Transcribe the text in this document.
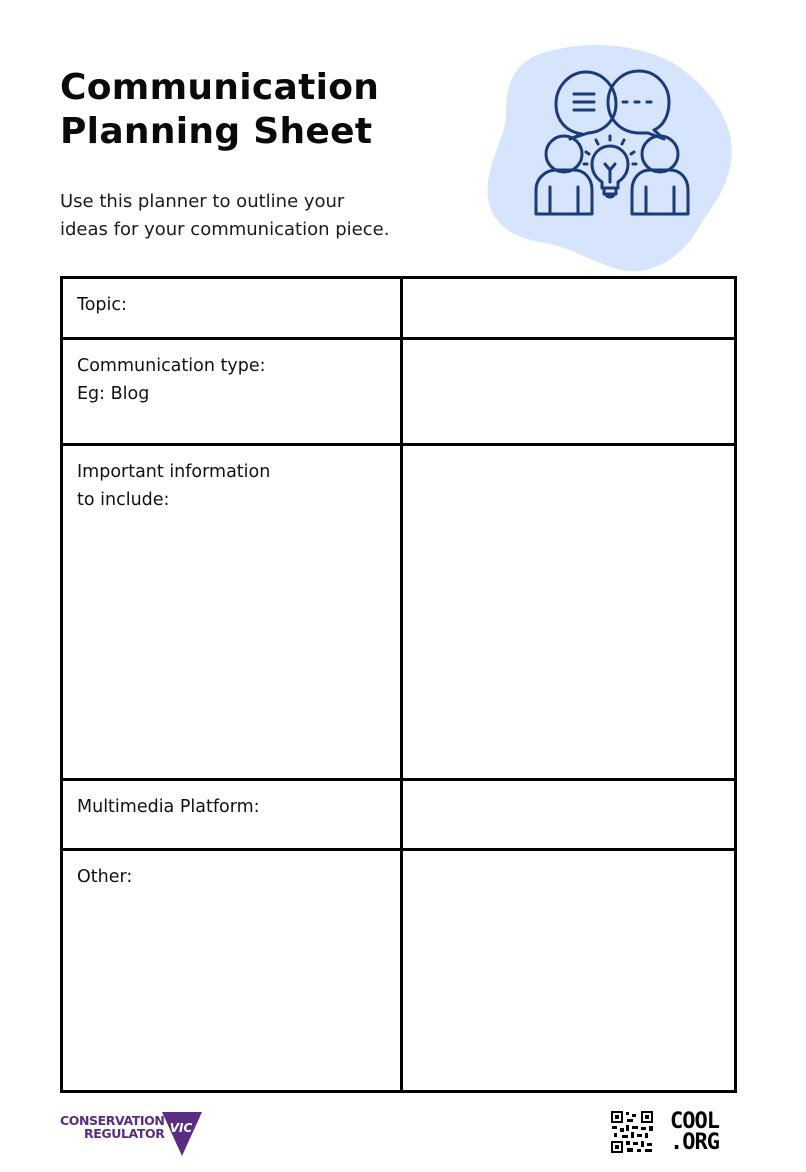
Communication
Planning Sheet

Use this planner to outline your
ideas for your communication piece.

Topic:	
Communication type:
Eg: Blog	
Important information
to include:	
Multimedia Platform:	
Other:	
CONSERVATION
REGULATOR VIC	COOL
.ORG
